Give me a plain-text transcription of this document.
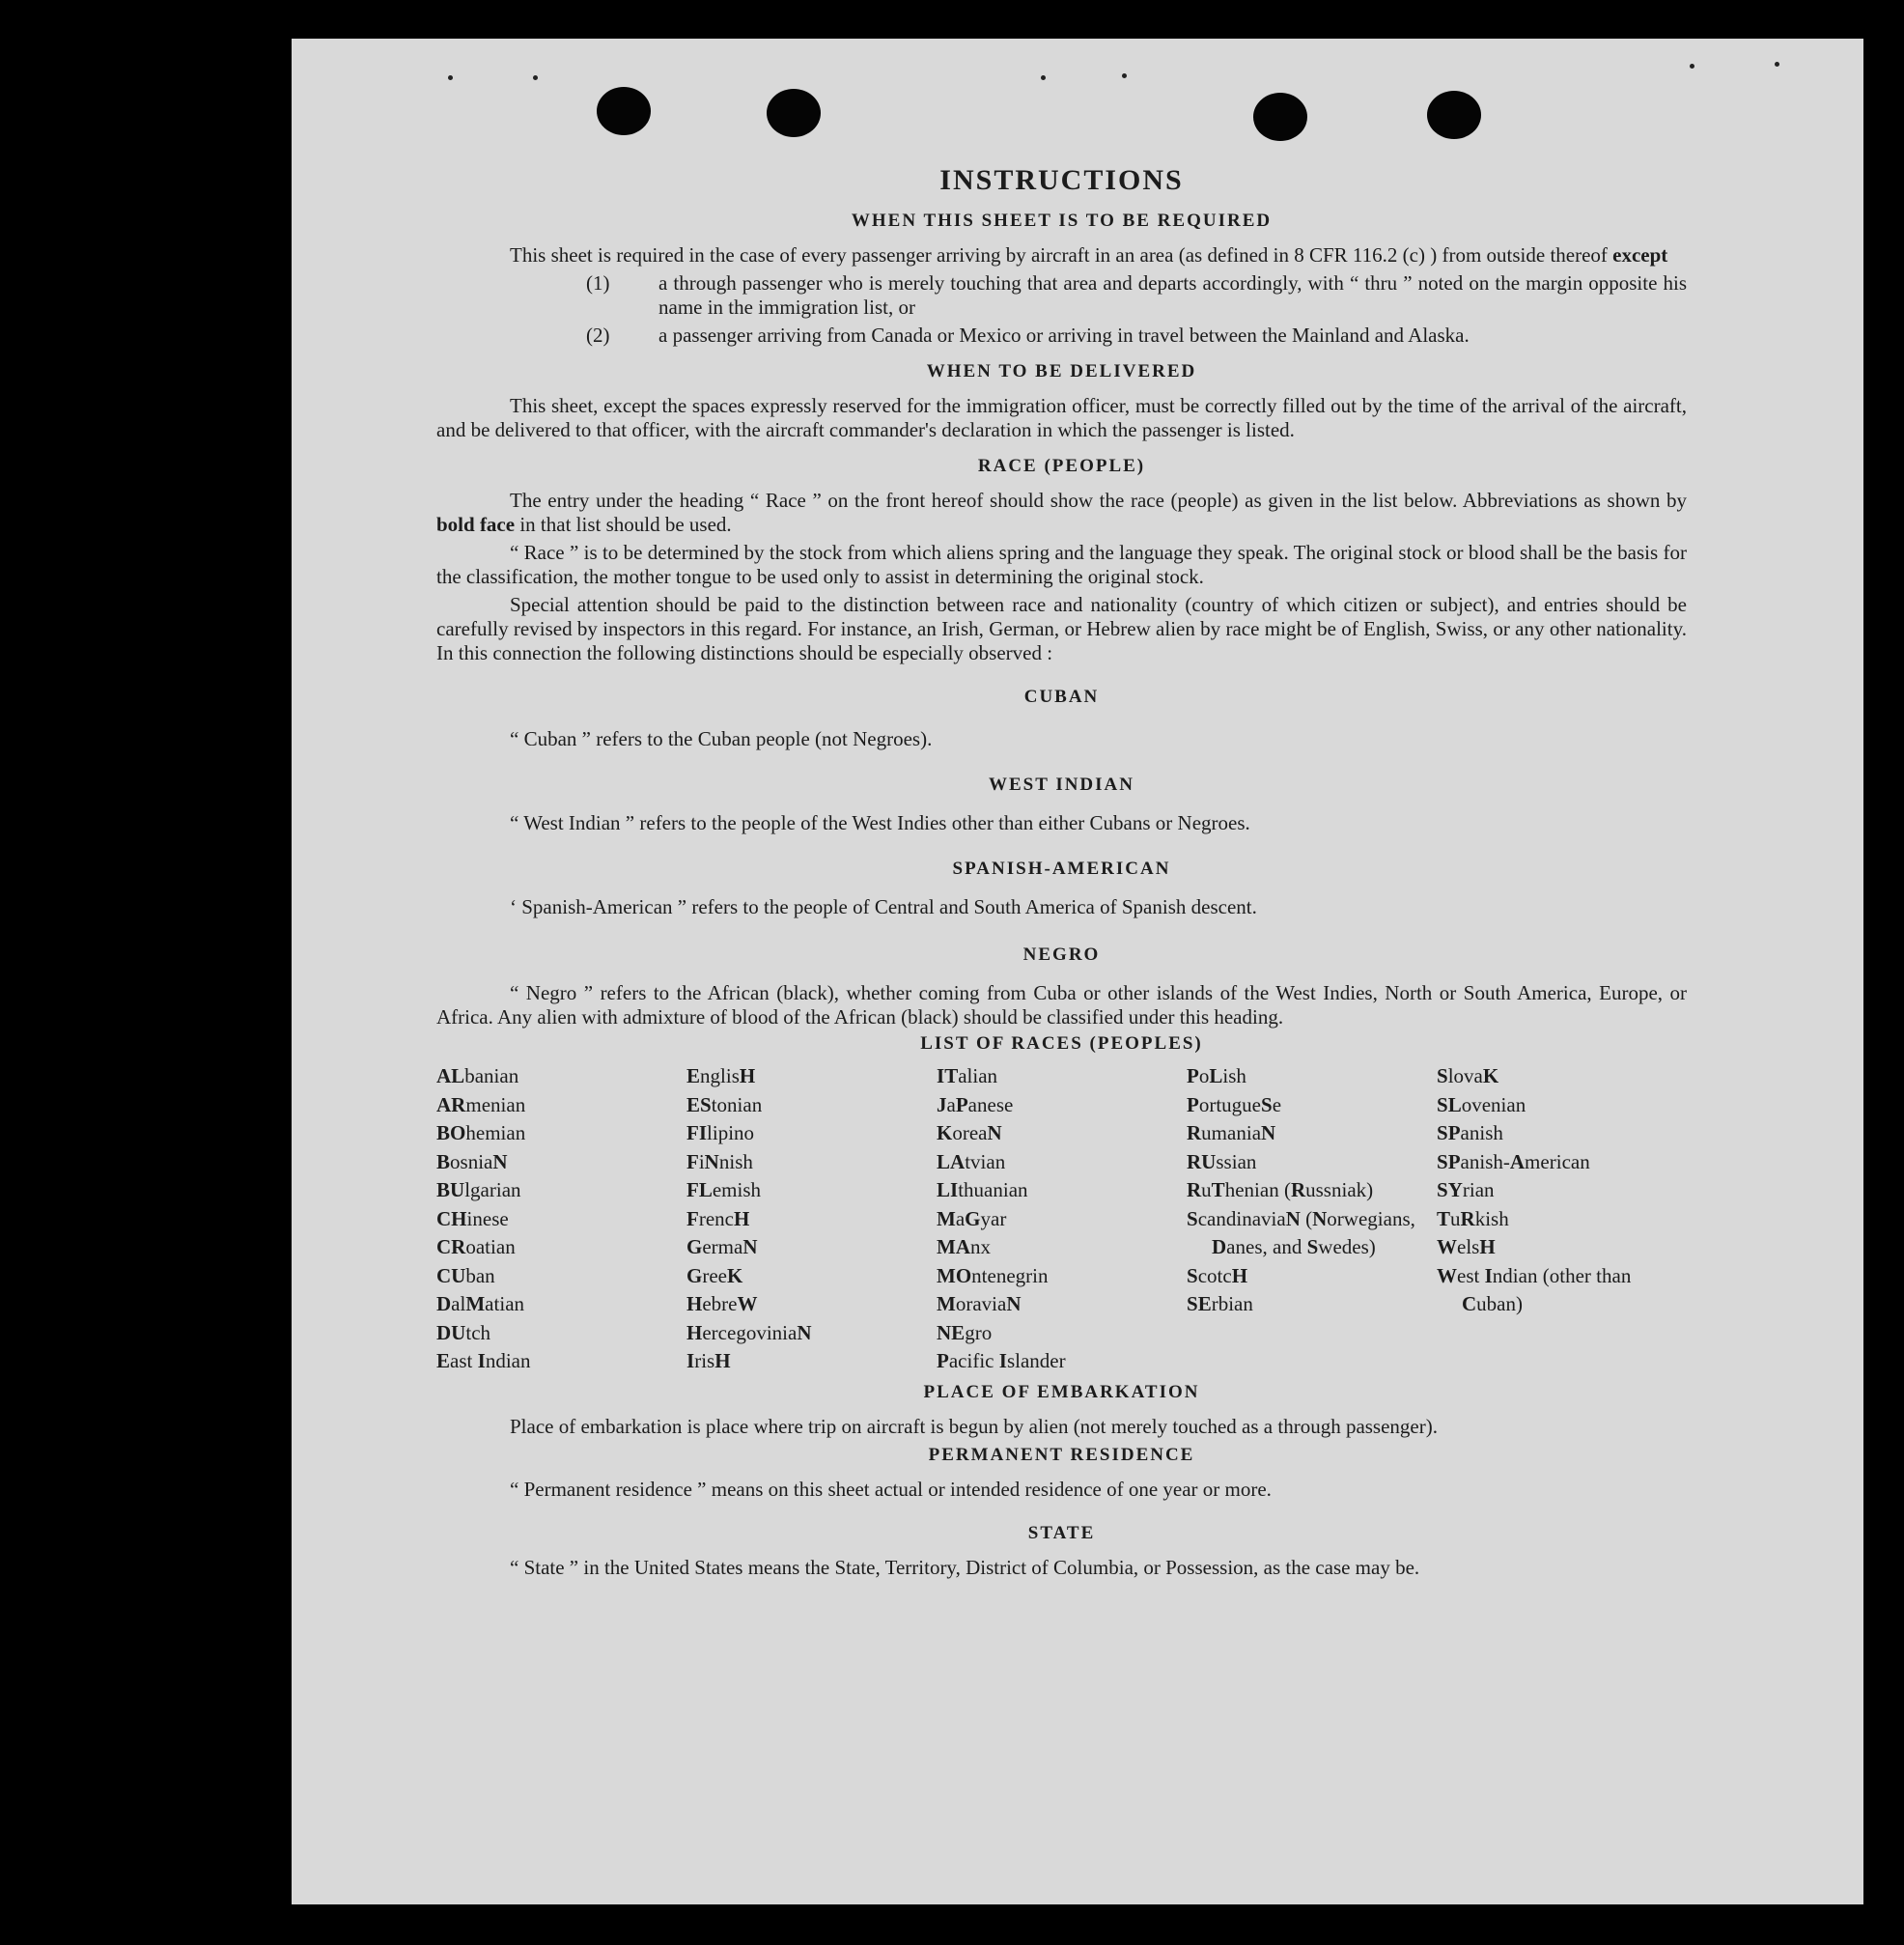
INSTRUCTIONS
WHEN THIS SHEET IS TO BE REQUIRED

This sheet is required in the case of every passenger arriving by aircraft in an area (as defined in 8 CFR 116.2 (c) ) from outside thereof except

(1) a through passenger who is merely touching that area and departs accordingly, with “ thru ” noted on the margin opposite his name in the immigration list, or
(2) a passenger arriving from Canada or Mexico or arriving in travel between the Mainland and Alaska.
WHEN TO BE DELIVERED

This sheet, except the spaces expressly reserved for the immigration officer, must be correctly filled out by the time of the arrival of the aircraft, and be delivered to that officer, with the aircraft commander's declaration in which the passenger is listed.

RACE (PEOPLE)

The entry under the heading “ Race ” on the front hereof should show the race (people) as given in the list below. Abbreviations as shown by bold face in that list should be used.

“ Race ” is to be determined by the stock from which aliens spring and the language they speak. The original stock or blood shall be the basis for the classification, the mother tongue to be used only to assist in determining the original stock.

Special attention should be paid to the distinction between race and nationality (country of which citizen or subject), and entries should be carefully revised by inspectors in this regard. For instance, an Irish, German, or Hebrew alien by race might be of English, Swiss, or any other nationality. In this connection the following distinctions should be especially observed :

CUBAN

“ Cuban ” refers to the Cuban people (not Negroes).

WEST INDIAN

“ West Indian ” refers to the people of the West Indies other than either Cubans or Negroes.

SPANISH-AMERICAN

‘ Spanish-American ” refers to the people of Central and South America of Spanish descent.

NEGRO

“ Negro ” refers to the African (black), whether coming from Cuba or other islands of the West Indies, North or South America, Europe, or Africa. Any alien with admixture of blood of the African (black) should be classified under this heading.

LIST OF RACES (PEOPLES)
ALbanian
ARmenian
BOhemian
BosniaN
BUlgarian
CHinese
CRoatian
CUban
DalMatian
DUtch
East Indian
EnglisH
EStonian
FIlipino
FiNnish
FLemish
FrencH
GermaN
GreeK
HebreW
HercegoviniaN
IrisH
ITalian
JaPanese
KoreaN
LAtvian
LIthuanian
MaGyar
MAnx
MOntenegrin
MoraviaN
NEgro
Pacific Islander
PoLish
PortugueSe
RumaniaN
RUssian
RuThenian (Russniak)
ScandinaviaN (Norwegians, Danes, and Swedes)
ScotcH
SErbian
SlovaK
SLovenian
SPanish
SPanish-American
SYrian
TuRkish
WelsH
West Indian (other than Cuban)
PLACE OF EMBARKATION

Place of embarkation is place where trip on aircraft is begun by alien (not merely touched as a through passenger).

PERMANENT RESIDENCE

“ Permanent residence ” means on this sheet actual or intended residence of one year or more.

STATE

“ State ” in the United States means the State, Territory, District of Columbia, or Possession, as the case may be.
